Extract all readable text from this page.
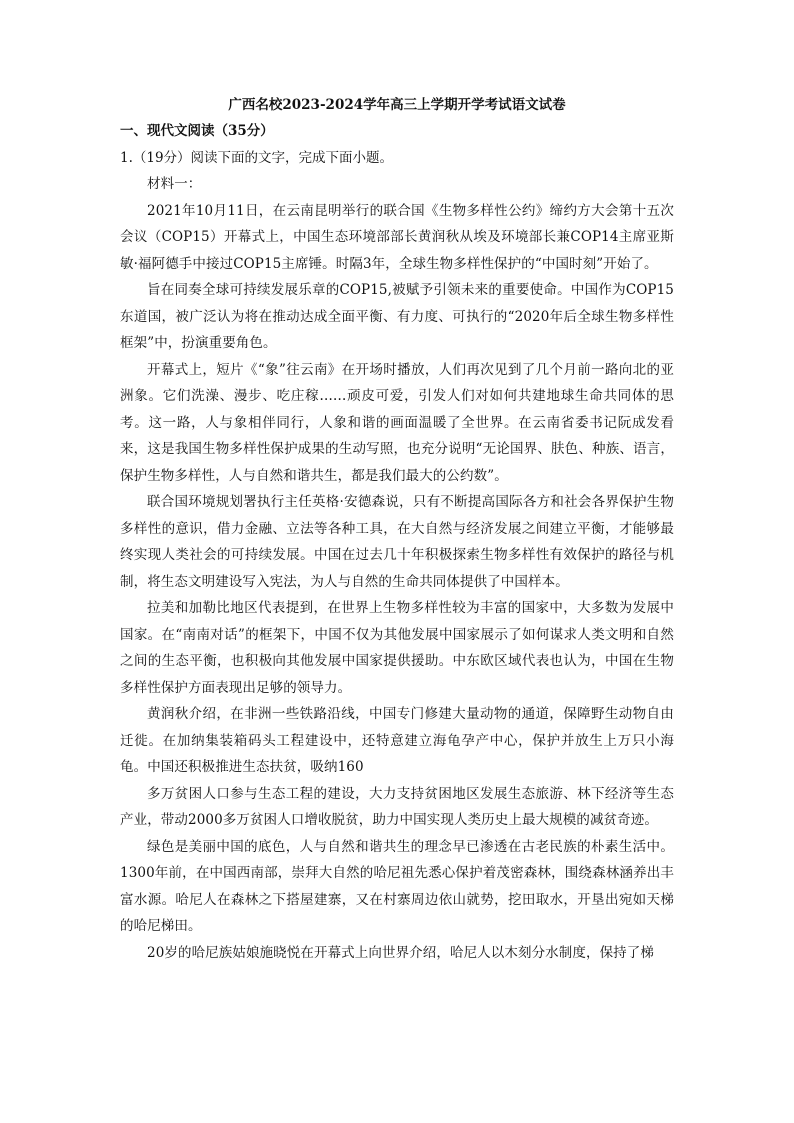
广西名校2023-2024学年高三上学期开学考试语文试卷
一、现代文阅读（35分）
1.（19分）阅读下面的文字，完成下面小题。

材料一：

2021年10月11日，在云南昆明举行的联合国《生物多样性公约》缔约方大会第十五次会议（COP15）开幕式上，中国生态环境部部长黄润秋从埃及环境部长兼COP14主席亚斯敏·福阿德手中接过COP15主席锤。时隔3年，全球生物多样性保护的“中国时刻”开始了。

旨在同奏全球可持续发展乐章的COP15,被赋予引领未来的重要使命。中国作为COP15东道国，被广泛认为将在推动达成全面平衡、有力度、可执行的“2020年后全球生物多样性框架”中，扮演重要角色。

开幕式上，短片《“象”往云南》在开场时播放，人们再次见到了几个月前一路向北的亚洲象。它们洗澡、漫步、吃庄稼……顽皮可爱，引发人们对如何共建地球生命共同体的思考。这一路，人与象相伴同行，人象和谐的画面温暖了全世界。在云南省委书记阮成发看来，这是我国生物多样性保护成果的生动写照，也充分说明“无论国界、肤色、种族、语言，保护生物多样性，人与自然和谐共生，都是我们最大的公约数”。

联合国环境规划署执行主任英格·安德森说，只有不断提高国际各方和社会各界保护生物多样性的意识，借力金融、立法等各种工具，在大自然与经济发展之间建立平衡，才能够最终实现人类社会的可持续发展。中国在过去几十年积极探索生物多样性有效保护的路径与机制，将生态文明建设写入宪法，为人与自然的生命共同体提供了中国样本。

拉美和加勒比地区代表提到，在世界上生物多样性较为丰富的国家中，大多数为发展中国家。在“南南对话”的框架下，中国不仅为其他发展中国家展示了如何谋求人类文明和自然之间的生态平衡，也积极向其他发展中国家提供援助。中东欧区域代表也认为，中国在生物多样性保护方面表现出足够的领导力。

黄润秋介绍，在非洲一些铁路沿线，中国专门修建大量动物的通道，保障野生动物自由迁徙。在加纳集装箱码头工程建设中，还特意建立海龟孕产中心，保护并放生上万只小海龟。中国还积极推进生态扶贫，吸纳160

多万贫困人口参与生态工程的建设，大力支持贫困地区发展生态旅游、林下经济等生态产业，带动2000多万贫困人口增收脱贫，助力中国实现人类历史上最大规模的减贫奇迹。

绿色是美丽中国的底色，人与自然和谐共生的理念早已渗透在古老民族的朴素生活中。1300年前，在中国西南部，崇拜大自然的哈尼祖先悉心保护着茂密森林，围绕森林涵养出丰富水源。哈尼人在森林之下搭屋建寨，又在村寨周边依山就势，挖田取水，开垦出宛如天梯的哈尼梯田。

20岁的哈尼族姑娘施晓悦在开幕式上向世界介绍，哈尼人以木刻分水制度，保持了梯
